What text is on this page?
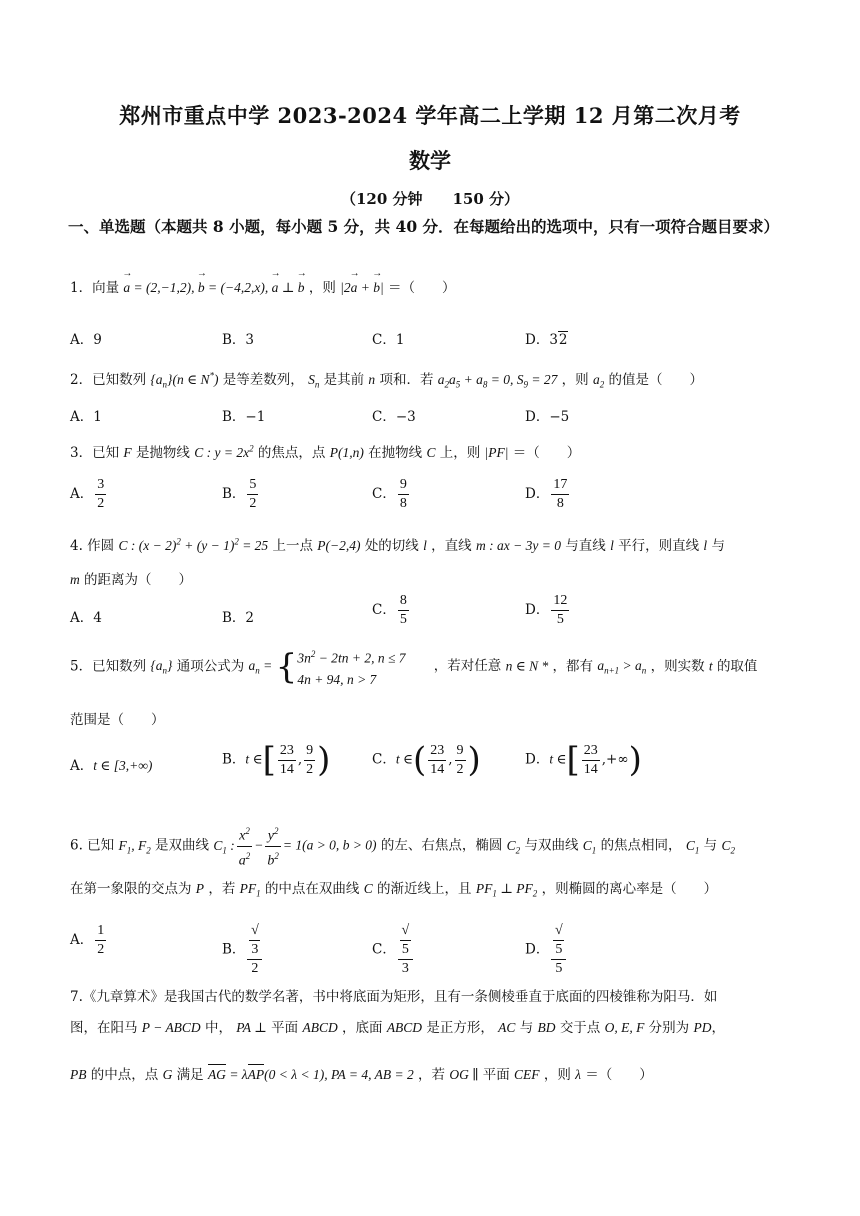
郑州市重点中学 2023-2024 学年高二上学期 12 月第二次月考
数学
（120 分钟　　150 分）
一、单选题（本题共 8 小题，每小题 5 分，共 40 分．在每题给出的选项中，只有一项符合题目要求）
1．向量 → a = (2,−1,2), → b = (−4,2,x), → a ⊥ → b ，则 |2→ a + → b| ＝（　　）
A．9	B．3	C．1	D．32
2．已知数列 $\{a_n\}(n$ ∈ N*) 是等差数列， $S_n$ 是其前 n 项和．若 $a_2a_5 + a_8 = 0$, $S_9 = 27$ ，则 $a_2$ 的值是（　　）
A．1	B．−1	C．−3	D．−5
3．已知 F 是抛物线 C : $y = 2x^2$ 的焦点，点 P(1,n) 在抛物线 C 上，则 |PF| ＝（　　）
A． $\frac{3}{2}$	B． $\frac{5}{2}$	C． $\frac{9}{8}$	D． $\frac{17}{8}$
4. 作圆 C : $(x - 2)^2 + (y - 1)^2 = 25$ 上一点 P(−2,4) 处的切线 l ，直线 m : ax − 3y = 0 与直线 l 平行，则直线 l 与
m 的距离为（　　）
A．4	B．2	C． $\frac{8}{5}$	D． $\frac{12}{5}$
5．已知数列 $\{a_n\}$ 通项公式为 $a_n$ = { $3n^2 - 2tn + 2$, n ≤ 7
4n + 94, n > 7
，若对任意 n ∈ N * ，都有 $a_{n+1} > a_n$ ，则实数 t 的取值
范围是（　　）
A．t ∈ [3,+∞)	B．t ∈[ $\frac{23}{14}$ , $\frac{9}{2}$ )	C．t ∈( $\frac{23}{14}$ , $\frac{9}{2}$ )	D．t ∈[ $\frac{23}{14}$ ,+∞)
6. 已知 $F_1$, $F_2$ 是双曲线 $C_1$ : $\frac{x^2}{a^2} - \frac{y^2}{b^2} = 1(a > 0$, b > 0) 的左、右焦点，椭圆 $C_2$ 与双曲线 $C_1$ 的焦点相同， $C_1$ 与 $C_2$
在第一象限的交点为 P ，若 $PF_1$ 的中点在双曲线 C 的渐近线上，且 $PF_1$ ⊥ $PF_2$ ，则椭圆的离心率是（　　）
A． $\frac{1}{2}$	B． √
3
2	C． √
5
3	D． √
5
5
7.《九章算术》是我国古代的数学名著，书中将底面为矩形，且有一条侧棱垂直于底面的四棱锥称为阳马．如
图，在阳马 P − ABCD 中， PA ⊥ 平面 ABCD ，底面 ABCD 是正方形， AC 与 BD 交于点 O, E, F 分别为 PD，
PB 的中点，点 G 满足 AG = λAP(0 < λ < 1), PA = 4, AB = 2 ，若 OG ∥ 平面 CEF ，则 λ ＝（　　）
